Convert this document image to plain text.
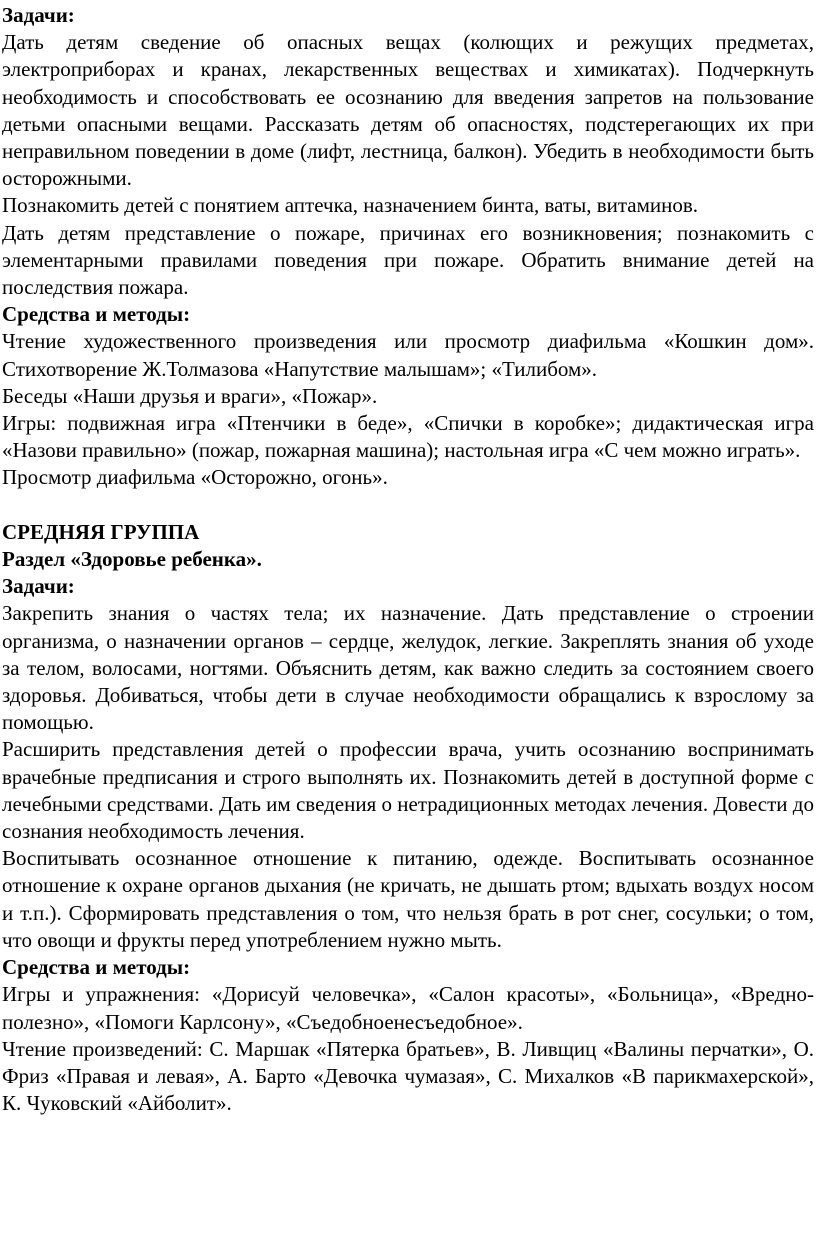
Задачи:

Дать детям сведение об опасных вещах (колющих и режущих предметах, электроприборах и кранах, лекарственных веществах и химикатах). Подчеркнуть необходимость и способствовать ее осознанию для введения запретов на пользование детьми опасными вещами. Рассказать детям об опасностях, подстерегающих их при неправильном поведении в доме (лифт, лестница, балкон). Убедить в необходимости быть осторожными.

Познакомить детей с понятием аптечка, назначением бинта, ваты, витаминов.

Дать детям представление о пожаре, причинах его возникновения; познакомить с элементарными правилами поведения при пожаре. Обратить внимание детей на последствия пожара.

Средства и методы:

Чтение художественного произведения или просмотр диафильма «Кошкин дом». Стихотворение Ж.Толмазова «Напутствие малышам»; «Тилибом».

Беседы «Наши друзья и враги», «Пожар».

Игры: подвижная игра «Птенчики в беде», «Спички в коробке»; дидактическая игра «Назови правильно» (пожар, пожарная машина); настольная игра «С чем можно играть».

Просмотр диафильма «Осторожно, огонь».

СРЕДНЯЯ ГРУППА

Раздел «Здоровье ребенка».

Задачи:

Закрепить знания о частях тела; их назначение. Дать представление о строении организма, о назначении органов – сердце, желудок, легкие. Закреплять знания об уходе за телом, волосами, ногтями. Объяснить детям, как важно следить за состоянием своего здоровья. Добиваться, чтобы дети в случае необходимости обращались к взрослому за помощью.

Расширить представления детей о профессии врача, учить осознанию воспринимать врачебные предписания и строго выполнять их. Познакомить детей в доступной форме с лечебными средствами. Дать им сведения о нетрадиционных методах лечения. Довести до сознания необходимость лечения.

Воспитывать осознанное отношение к питанию, одежде. Воспитывать осознанное отношение к охране органов дыхания (не кричать, не дышать ртом; вдыхать воздух носом и т.п.). Сформировать представления о том, что нельзя брать в рот снег, сосульки; о том, что овощи и фрукты перед употреблением нужно мыть.

Средства и методы:

Игры и упражнения: «Дорисуй человечка», «Салон красоты», «Больница», «Вредно-полезно», «Помоги Карлсону», «Съедобноенесъедобное».

Чтение произведений: С. Маршак «Пятерка братьев», В. Ливщиц «Валины перчатки», О. Фриз «Правая и левая», А. Барто «Девочка чумазая», С. Михалков «В парикмахерской», К. Чуковский «Айболит».
